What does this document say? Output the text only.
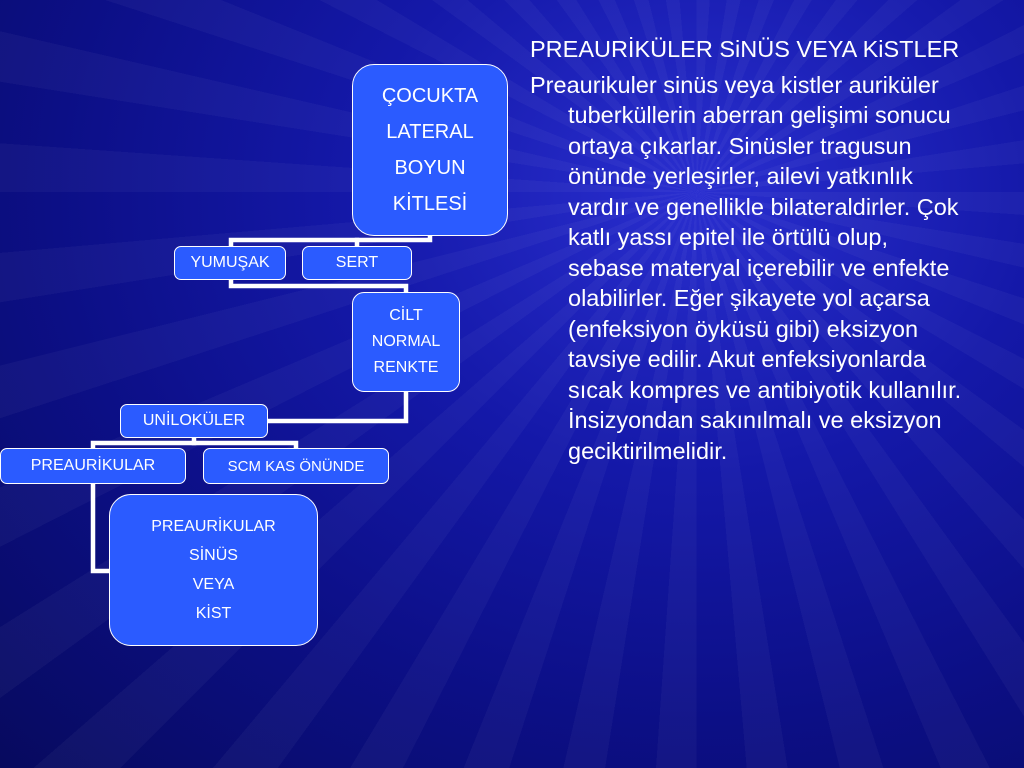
ÇOCUKTA
LATERAL
BOYUN
KİTLESİ
YUMUŞAK	SERT
CİLT
NORMAL
RENKTE
UNİLOKÜLER
PREAURİKULAR	SCM KAS ÖNÜNDE
PREAURİKULAR
SİNÜS
VEYA
KİST

PREAURİKÜLER SiNÜS VEYA KiSTLER

Preaurikuler sinüs veya kistler auriküler tuberküllerin aberran gelişimi sonucu ortaya çıkarlar. Sinüsler tragusun önünde yerleşirler, ailevi yatkınlık vardır ve genellikle bilateraldirler. Çok katlı yassı epitel ile örtülü olup, sebase materyal içerebilir ve enfekte olabilirler. Eğer şikayete yol açarsa (enfeksiyon öyküsü gibi) eksizyon tavsiye edilir. Akut enfeksiyonlarda sıcak kompres ve antibiyotik kullanılır. İnsizyondan sakınılmalı ve eksizyon geciktirilmelidir.
